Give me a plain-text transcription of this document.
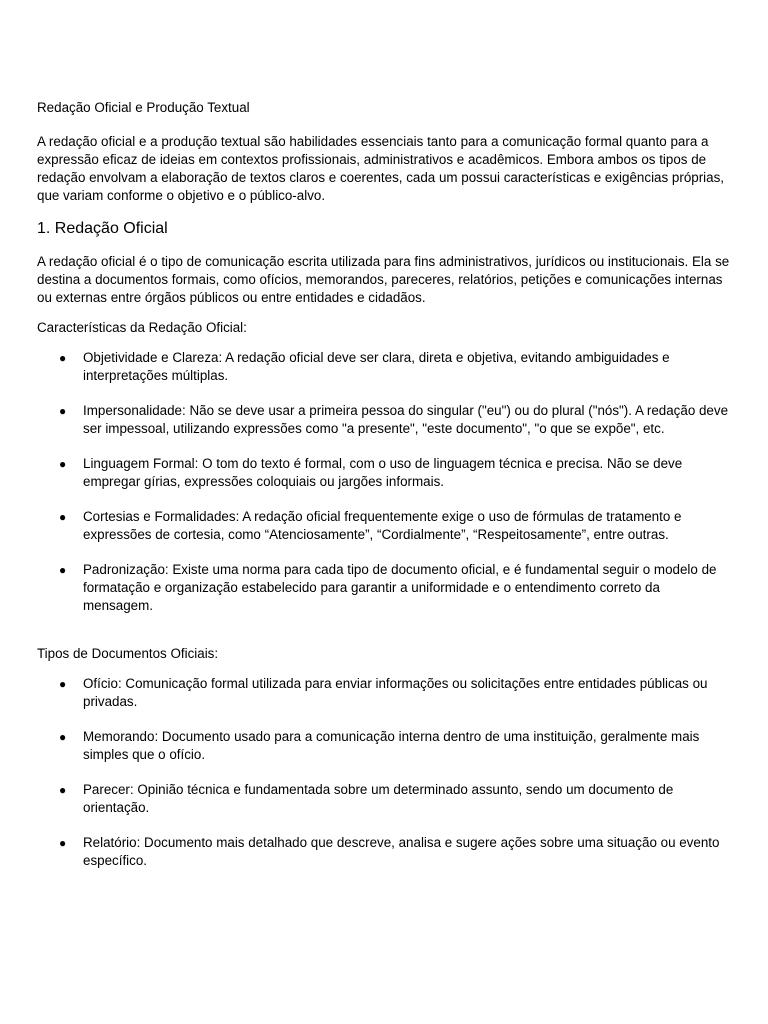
Redação Oficial e Produção Textual

A redação oficial e a produção textual são habilidades essenciais tanto para a comunicação formal quanto para a expressão eficaz de ideias em contextos profissionais, administrativos e acadêmicos. Embora ambos os tipos de redação envolvam a elaboração de textos claros e coerentes, cada um possui características e exigências próprias, que variam conforme o objetivo e o público-alvo.

1. Redação Oficial

A redação oficial é o tipo de comunicação escrita utilizada para fins administrativos, jurídicos ou institucionais. Ela se destina a documentos formais, como ofícios, memorandos, pareceres, relatórios, petições e comunicações internas ou externas entre órgãos públicos ou entre entidades e cidadãos.

Características da Redação Oficial:

● Objetividade e Clareza: A redação oficial deve ser clara, direta e objetiva, evitando ambiguidades e interpretações múltiplas.
● Impersonalidade: Não se deve usar a primeira pessoa do singular ("eu") ou do plural ("nós"). A redação deve ser impessoal, utilizando expressões como "a presente", "este documento", "o que se expõe", etc.
● Linguagem Formal: O tom do texto é formal, com o uso de linguagem técnica e precisa. Não se deve empregar gírias, expressões coloquiais ou jargões informais.
● Cortesias e Formalidades: A redação oficial frequentemente exige o uso de fórmulas de tratamento e expressões de cortesia, como “Atenciosamente”, “Cordialmente”, “Respeitosamente”, entre outras.
● Padronização: Existe uma norma para cada tipo de documento oficial, e é fundamental seguir o modelo de formatação e organização estabelecido para garantir a uniformidade e o entendimento correto da mensagem.

Tipos de Documentos Oficiais:

● Ofício: Comunicação formal utilizada para enviar informações ou solicitações entre entidades públicas ou privadas.
● Memorando: Documento usado para a comunicação interna dentro de uma instituição, geralmente mais simples que o ofício.
● Parecer: Opinião técnica e fundamentada sobre um determinado assunto, sendo um documento de orientação.
● Relatório: Documento mais detalhado que descreve, analisa e sugere ações sobre uma situação ou evento específico.
